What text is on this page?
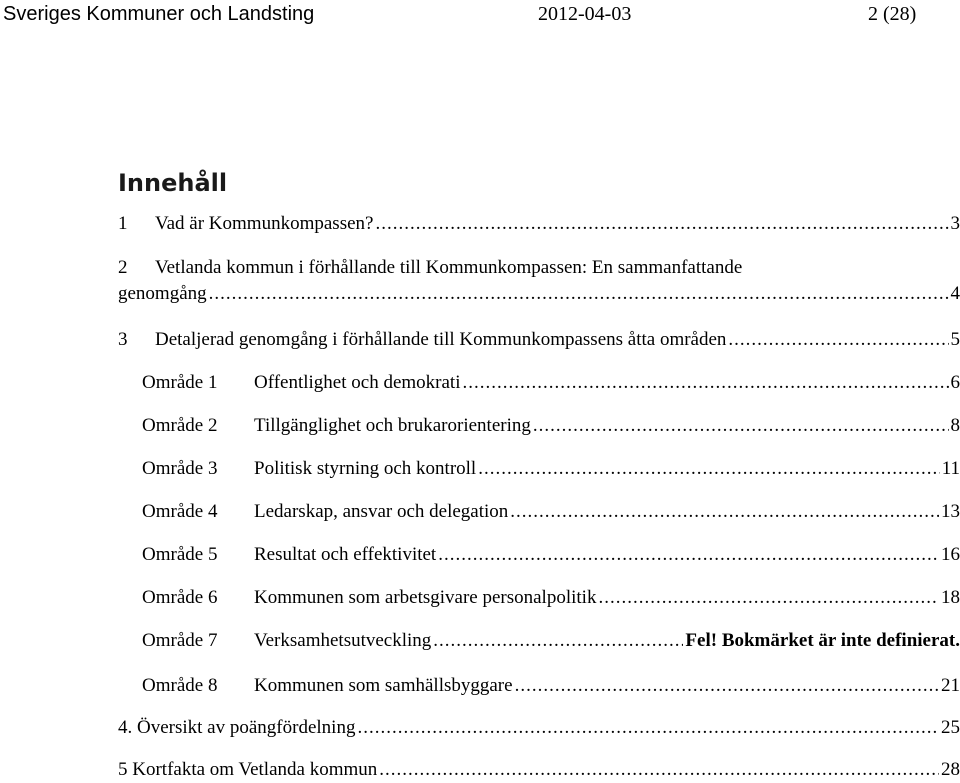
Sveriges Kommuner och Landsting	2012-04-03	2 (28)
Innehåll
1	Vad är Kommunkompassen? .....	3
2 Vetlanda kommun i förhållande till Kommunkompassen: En sammanfattande
genomgång .....	4
3	Detaljerad genomgång i förhållande till Kommunkompassens åtta områden .....	5
Område 1	Offentlighet och demokrati .....	6
Område 2	Tillgänglighet och brukarorientering .....	8
Område 3	Politisk styrning och kontroll .....	11
Område 4	Ledarskap, ansvar och delegation .....	13
Område 5	Resultat och effektivitet .....	16
Område 6	Kommunen som arbetsgivare personalpolitik .....	18
Område 7	Verksamhetsutveckling .....	Fel! Bokmärket är inte definierat.
Område 8	Kommunen som samhällsbyggare .....	21
4. Översikt av poängfördelning .....	25
5 Kortfakta om Vetlanda kommun .....	28
